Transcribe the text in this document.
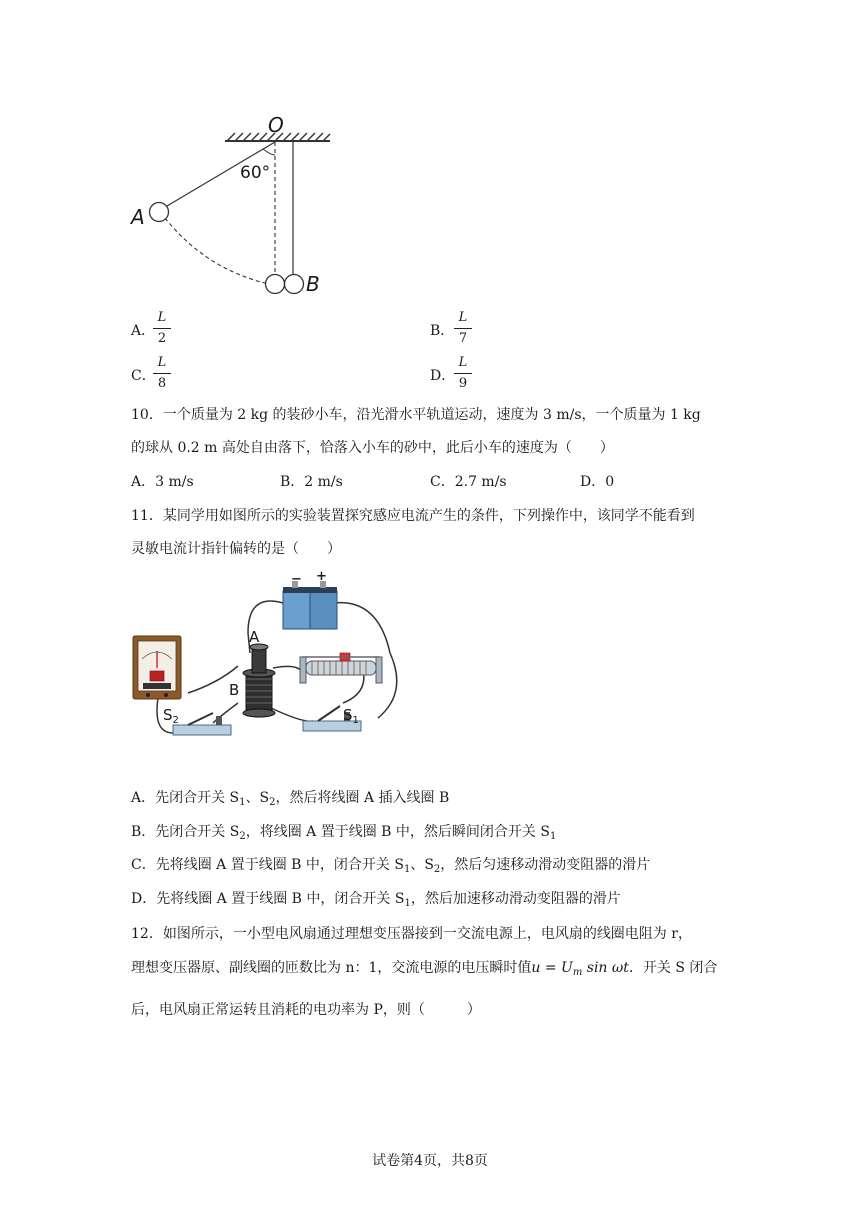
O
60°
A
B
A．
L
2	B．
L
7
C．
L
8	D．
L
9
10．一个质量为 2 kg 的装砂小车，沿光滑水平轨道运动，速度为 3 m/s，一个质量为 1 kg
的球从 0.2 m 高处自由落下，恰落入小车的砂中，此后小车的速度为（　　）
A．3 m/s	B．2 m/s	C．2.7 m/s	D．0
11．某同学用如图所示的实验装置探究感应电流产生的条件，下列操作中，该同学不能看到
灵敏电流计指针偏转的是（　　）
− +
A
B
$S_2$	$S_1$
A．先闭合开关 $S_1$、$S_2$，然后将线圈 A 插入线圈 B
B．先闭合开关 $S_2$，将线圈 A 置于线圈 B 中，然后瞬间闭合开关 $S_1$
C．先将线圈 A 置于线圈 B 中，闭合开关 $S_1$、$S_2$，然后匀速移动滑动变阻器的滑片
D．先将线圈 A 置于线圈 B 中，闭合开关 $S_1$，然后加速移动滑动变阻器的滑片
12．如图所示，一小型电风扇通过理想变压器接到一交流电源上，电风扇的线圈电阻为 r，
理想变压器原、副线圈的匝数比为 n：1，交流电源的电压瞬时值$u = U_m$ sin ωt．开关 S 闭合
后，电风扇正常运转且消耗的电功率为 P，则（　　　）
试卷第4页，共8页
